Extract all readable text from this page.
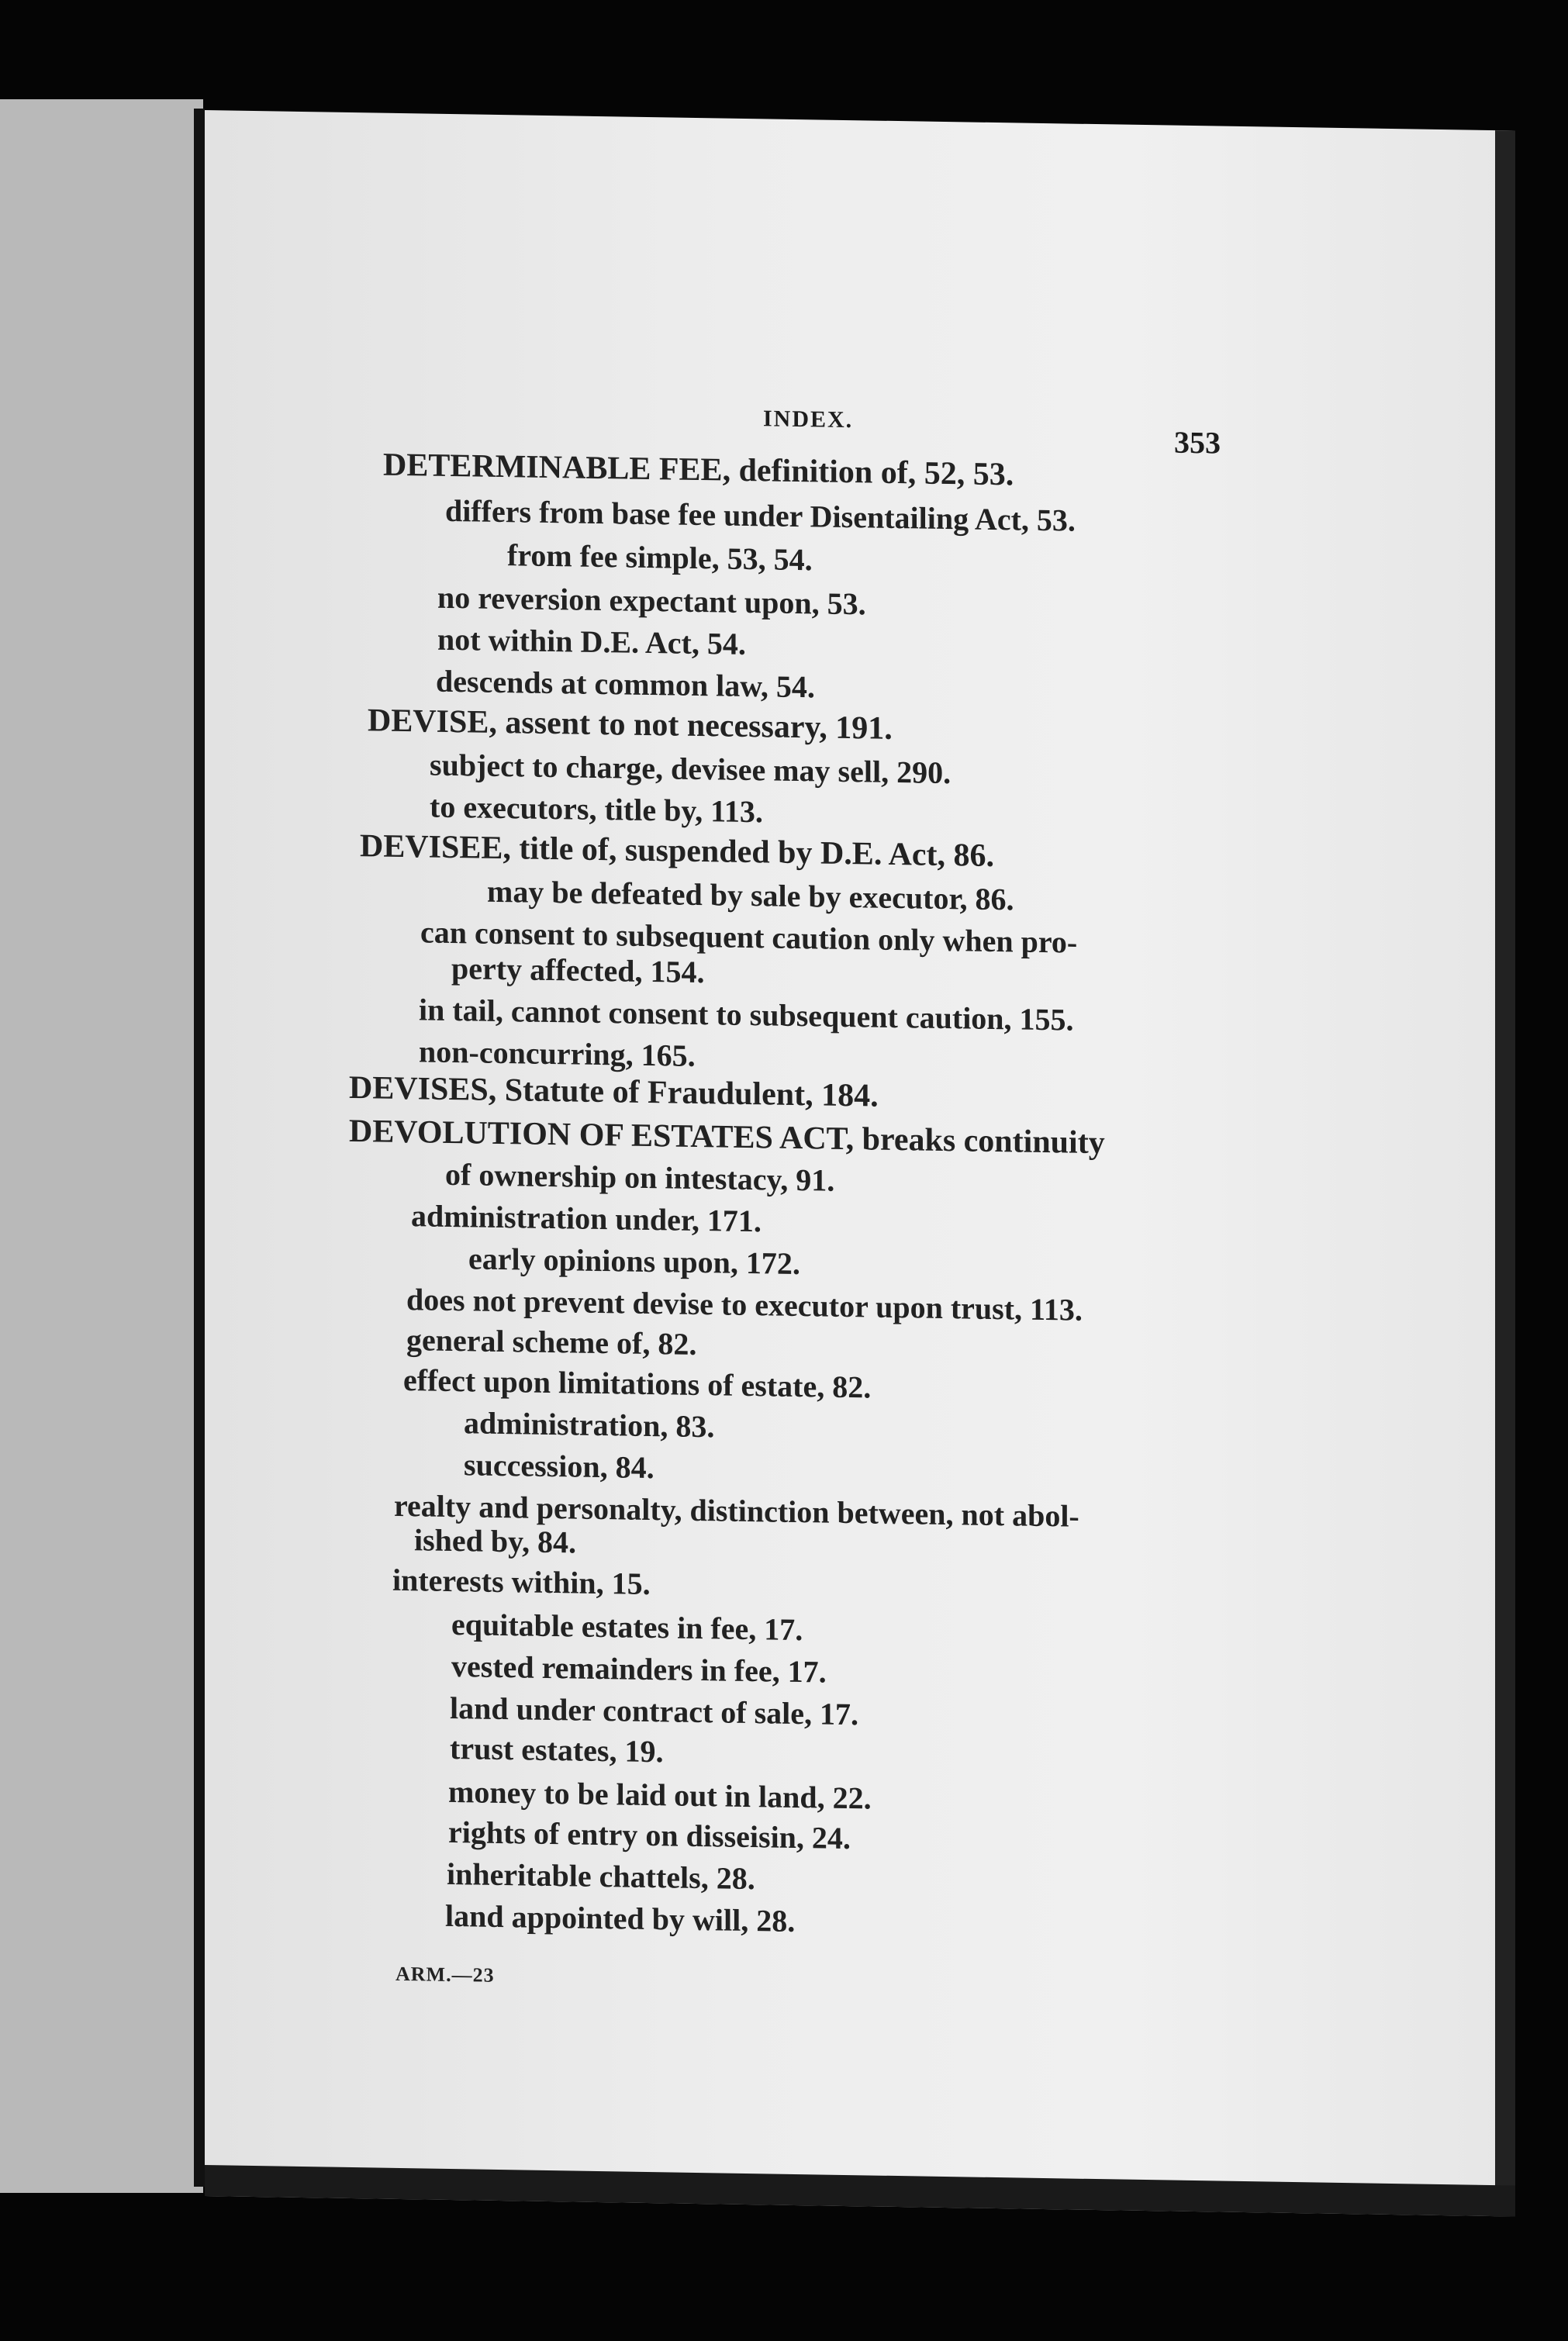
INDEX.
353
DETERMINABLE FEE, definition of, 52, 53.
differs from base fee under Disentailing Act, 53.
from fee simple, 53, 54.
no reversion expectant upon, 53.
not within D.E. Act, 54.
descends at common law, 54.
DEVISE, assent to not necessary, 191.
subject to charge, devisee may sell, 290.
to executors, title by, 113.
DEVISEE, title of, suspended by D.E. Act, 86.
may be defeated by sale by executor, 86.
can consent to subsequent caution only when pro-
perty affected, 154.
in tail, cannot consent to subsequent caution, 155.
non-concurring, 165.
DEVISES, Statute of Fraudulent, 184.
DEVOLUTION OF ESTATES ACT, breaks continuity
of ownership on intestacy, 91.
administration under, 171.
early opinions upon, 172.
does not prevent devise to executor upon trust, 113.
general scheme of, 82.
effect upon limitations of estate, 82.
administration, 83.
succession, 84.
realty and personalty, distinction between, not abol-
ished by, 84.
interests within, 15.
equitable estates in fee, 17.
vested remainders in fee, 17.
land under contract of sale, 17.
trust estates, 19.
money to be laid out in land, 22.
rights of entry on disseisin, 24.
inheritable chattels, 28.
land appointed by will, 28.
ARM.—23
